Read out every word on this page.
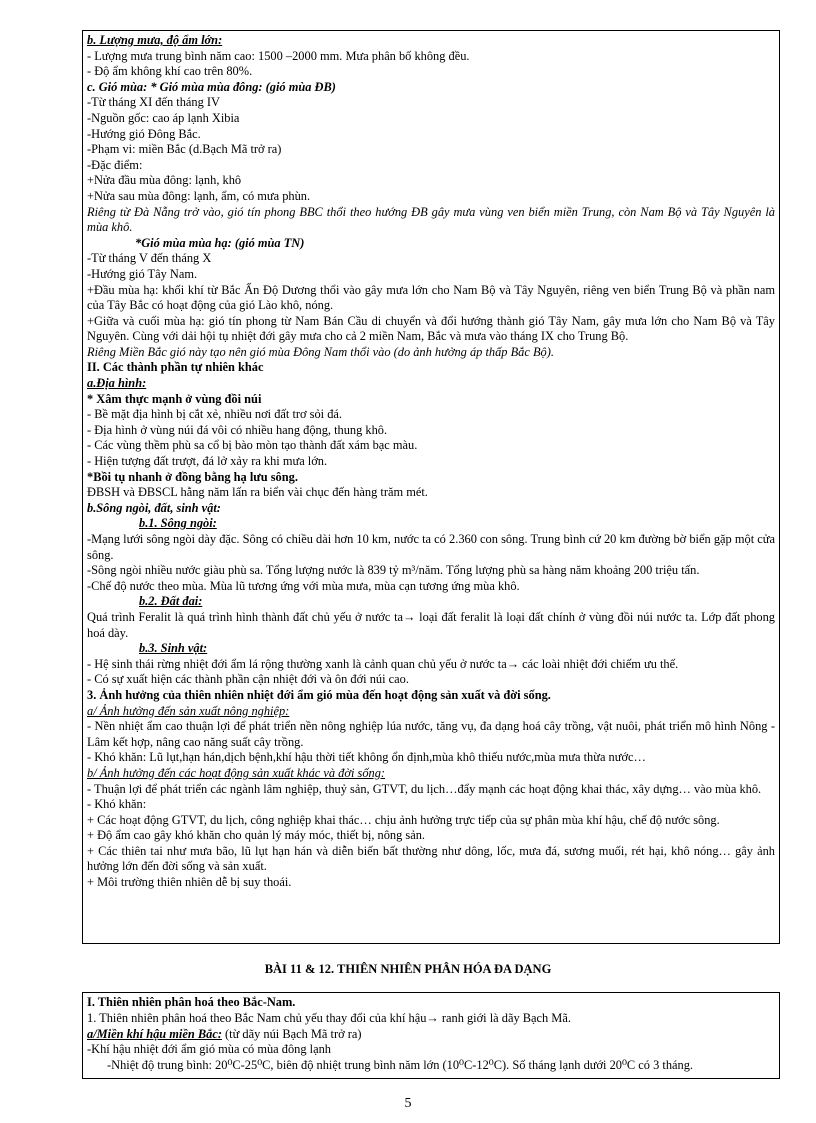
b. Lượng mưa, độ ẩm lớn:

- Lượng mưa trung bình năm cao: 1500 –2000 mm. Mưa phân bố không đều.

- Độ ẩm không khí cao trên 80%.

c. Gió mùa: * Gió mùa mùa đông: (gió mùa ĐB)

-Từ tháng XI đến tháng IV

-Nguồn gốc: cao áp lạnh Xibia

-Hướng gió Đông Bắc.

-Phạm vi: miền Bắc (d.Bạch Mã trở ra)

-Đặc điểm:

+Nửa đầu mùa đông: lạnh, khô

+Nửa sau mùa đông: lạnh, ẩm, có mưa phùn.

Riêng từ Đà Nẵng trở vào, gió tín phong BBC thổi theo hướng ĐB gây mưa vùng ven biển miền Trung, còn Nam Bộ và Tây Nguyên là mùa khô.

*Gió mùa mùa hạ: (gió mùa TN)

-Từ tháng V đến tháng X

-Hướng gió Tây Nam.

+Đầu mùa hạ: khối khí từ Bắc Ấn Độ Dương thổi vào gây mưa lớn cho Nam Bộ và Tây Nguyên, riêng ven biển Trung Bộ và phần nam của Tây Bắc có hoạt động của gió Lào khô, nóng.

+Giữa và cuối mùa hạ: gió tín phong từ Nam Bán Cầu di chuyển và đổi hướng thành gió Tây Nam, gây mưa lớn cho Nam Bộ và Tây Nguyên. Cùng với dải hội tụ nhiệt đới gây mưa cho cả 2 miền Nam, Bắc và mưa vào tháng IX cho Trung Bộ.

Riêng Miền Bắc gió này tạo nên gió mùa Đông Nam thổi vào (do ảnh hưởng áp thấp Bắc Bộ).

II. Các thành phần tự nhiên khác

a.Địa hình:

* Xâm thực mạnh ở vùng đồi núi

- Bề mặt địa hình bị cắt xẻ, nhiều nơi đất trơ sỏi đá.

- Địa hình ở vùng núi đá vôi có nhiều hang động, thung khô.

- Các vùng thềm phù sa cổ bị bào mòn tạo thành đất xám bạc màu.

- Hiện tượng đất trượt, đá lở xảy ra khi mưa lớn.

*Bồi tụ nhanh ở đồng bằng hạ lưu sông.

ĐBSH và ĐBSCL hằng năm lấn ra biển vài chục đến hàng trăm mét.

b.Sông ngòi, đất, sinh vật:

b.1. Sông ngòi:

-Mạng lưới sông ngòi dày đặc. Sông có chiều dài hơn 10 km, nước ta có 2.360 con sông. Trung bình cứ 20 km đường bờ biển gặp một cửa sông.

-Sông ngòi nhiều nước giàu phù sa. Tổng lượng nước là 839 tỷ m³/năm. Tổng lượng phù sa hàng năm khoảng 200 triệu tấn.

-Chế độ nước theo mùa. Mùa lũ tương ứng với mùa mưa, mùa cạn tương ứng mùa khô.

b.2. Đất đai:

Quá trình Feralit là quá trình hình thành đất chủ yếu ở nước ta→ loại đất feralit là loại đất chính ở vùng đồi núi nước ta. Lớp đất phong hoá dày.

b.3. Sinh vật:

- Hệ sinh thái rừng nhiệt đới ẩm lá rộng thường xanh là cảnh quan chủ yếu ở nước ta→ các loài nhiệt đới chiếm ưu thế.

- Có sự xuất hiện các thành phần cận nhiệt đới và ôn đới núi cao.

3. Ảnh hưởng của thiên nhiên nhiệt đới ẩm gió mùa đến hoạt động sản xuất và đời sống.

a/ Ảnh hưởng đến sản xuất nông nghiệp:

- Nền nhiệt ẩm cao thuận lợi để phát triển nền nông nghiệp lúa nước, tăng vụ, đa dạng hoá cây trồng, vật nuôi, phát triển mô hình Nông - Lâm kết hợp, nâng cao năng suất cây trồng.

- Khó khăn: Lũ lụt,hạn hán,dịch bệnh,khí hậu thời tiết không ổn định,mùa khô thiếu nước,mùa mưa thừa nước…

b/ Ảnh hưởng đến các hoạt động sản xuất khác và đời sống:

- Thuận lợi để phát triển các ngành lâm nghiệp, thuỷ sản, GTVT, du lịch…đẩy mạnh các hoạt động khai thác, xây dựng… vào mùa khô.

- Khó khăn:

+ Các hoạt động GTVT, du lịch, công nghiệp khai thác… chịu ảnh hưởng trực tiếp của sự phân mùa khí hậu, chế độ nước sông.

+ Độ ẩm cao gây khó khăn cho quản lý máy móc, thiết bị, nông sản.

+ Các thiên tai như mưa bão, lũ lụt hạn hán và diễn biến bất thường như dông, lốc, mưa đá, sương muối, rét hại, khô nóng… gây ảnh hưởng lớn đến đời sống và sản xuất.

+ Môi trường thiên nhiên dễ bị suy thoái.

BÀI 11 & 12. THIÊN NHIÊN PHÂN HÓA ĐA DẠNG

I. Thiên nhiên phân hoá theo Bắc-Nam.

1. Thiên nhiên phân hoá theo Bắc Nam chủ yếu thay đổi của khí hậu→ ranh giới là dãy Bạch Mã.

a/Miền khí hậu miền Bắc: (từ dãy núi Bạch Mã trở ra)

-Khí hậu nhiệt đới ẩm gió mùa có mùa đông lạnh

-Nhiệt độ trung bình: 20⁰C-25⁰C, biên độ nhiệt trung bình năm lớn (10⁰C-12⁰C). Số tháng lạnh dưới 20⁰C có 3 tháng.

5
